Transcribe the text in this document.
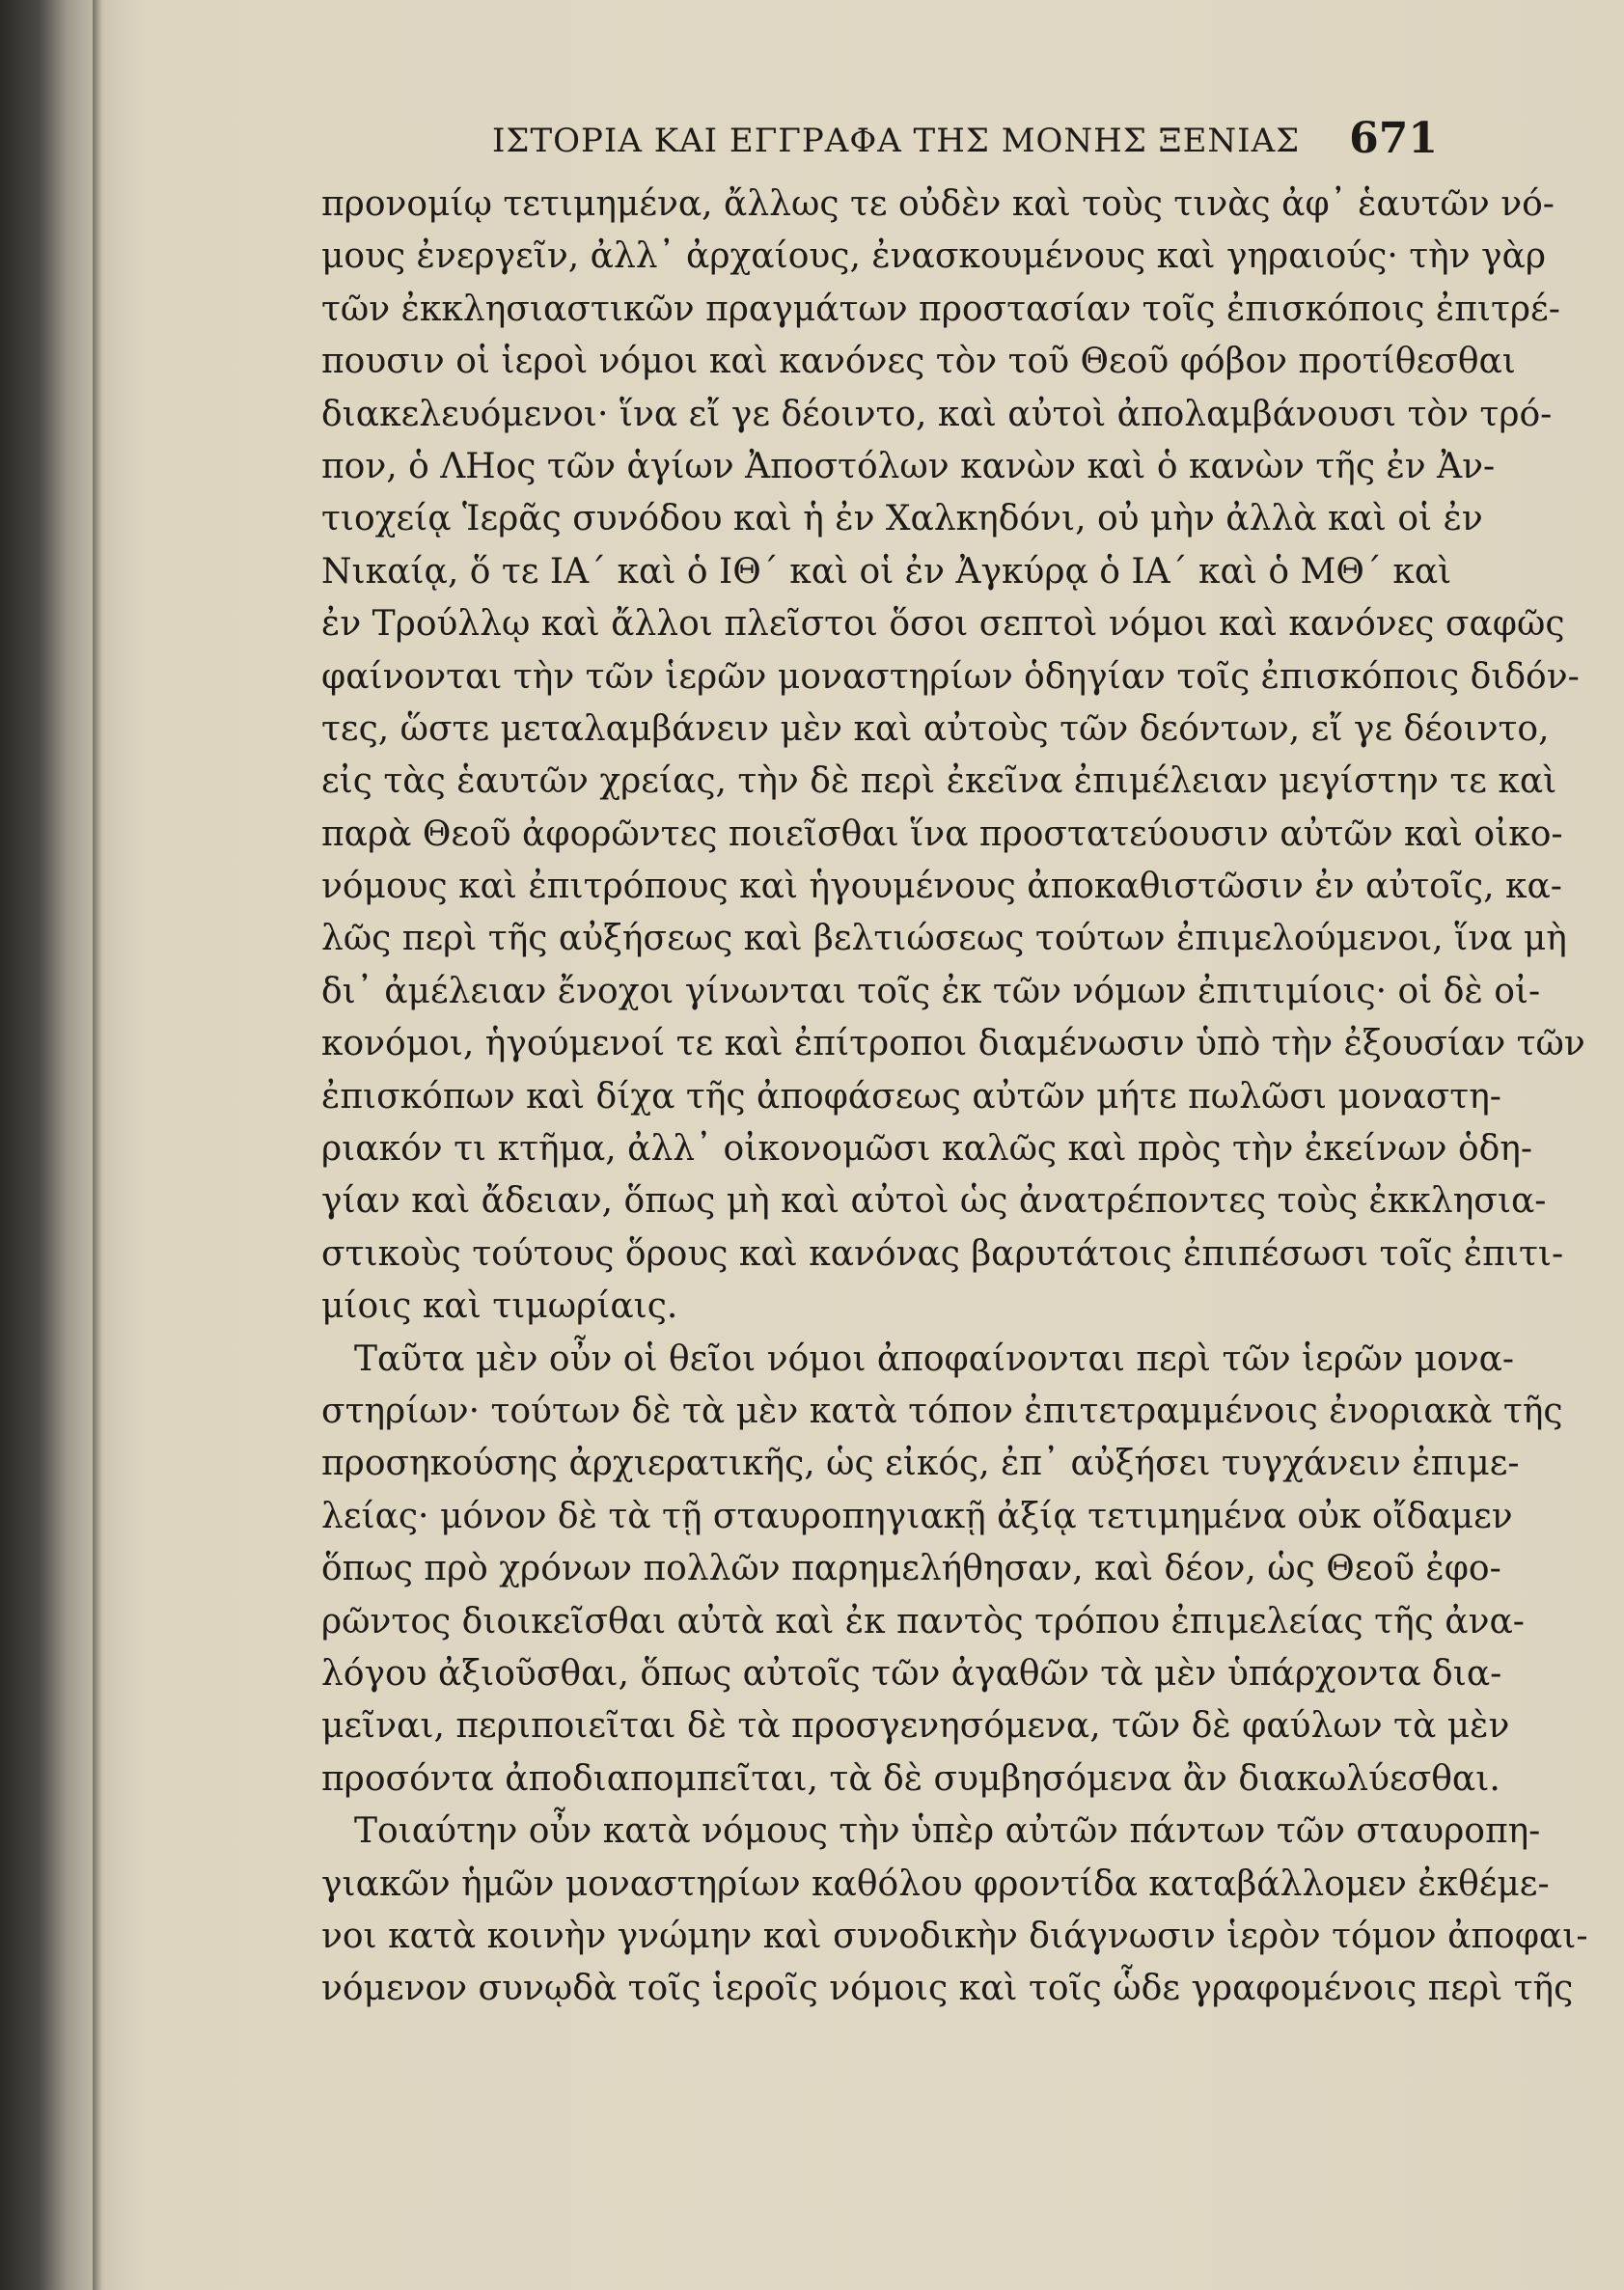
ΙΣΤΟΡΙΑ ΚΑΙ ΕΓΓΡΑΦΑ ΤΗΣ ΜΟΝΗΣ ΞΕΝΙΑΣ 671
προνομίῳ τετιμημένα, ἄλλως τε οὐδὲν καὶ τοὺς τινὰς ἀφ᾿ ἑαυτῶν νό-
μους ἐνεργεῖν, ἀλλ᾿ ἀρχαίους, ἐνασκουμένους καὶ γηραιούς· τὴν γὰρ
τῶν ἐκκλησιαστικῶν πραγμάτων προστασίαν τοῖς ἐπισκόποις ἐπιτρέ-
πουσιν οἱ ἱεροὶ νόμοι καὶ κανόνες τὸν τοῦ Θεοῦ φόβον προτίθεσθαι
διακελευόμενοι· ἵνα εἴ γε δέοιντο, καὶ αὐτοὶ ἀπολαμβάνουσι τὸν τρό-
πον, ὁ ΛΗος τῶν ἁγίων Ἀποστόλων κανὼν καὶ ὁ κανὼν τῆς ἐν Ἀν-
τιοχείᾳ Ἱερᾶς συνόδου καὶ ἡ ἐν Χαλκηδόνι, οὐ μὴν ἀλλὰ καὶ οἱ ἐν
Νικαίᾳ, ὅ τε ΙΑ΄ καὶ ὁ ΙΘ΄ καὶ οἱ ἐν Ἀγκύρᾳ ὁ ΙΑ΄ καὶ ὁ ΜΘ΄ καὶ
ἐν Τρούλλῳ καὶ ἄλλοι πλεῖστοι ὅσοι σεπτοὶ νόμοι καὶ κανόνες σαφῶς
φαίνονται τὴν τῶν ἱερῶν μοναστηρίων ὁδηγίαν τοῖς ἐπισκόποις διδόν-
τες, ὥστε μεταλαμβάνειν μὲν καὶ αὐτοὺς τῶν δεόντων, εἴ γε δέοιντο,
εἰς τὰς ἑαυτῶν χρείας, τὴν δὲ περὶ ἐκεῖνα ἐπιμέλειαν μεγίστην τε καὶ
παρὰ Θεοῦ ἀφορῶντες ποιεῖσθαι ἵνα προστατεύουσιν αὐτῶν καὶ οἰκο-
νόμους καὶ ἐπιτρόπους καὶ ἡγουμένους ἀποκαθιστῶσιν ἐν αὐτοῖς, κα-
λῶς περὶ τῆς αὐξήσεως καὶ βελτιώσεως τούτων ἐπιμελούμενοι, ἵνα μὴ
δι᾿ ἀμέλειαν ἔνοχοι γίνωνται τοῖς ἐκ τῶν νόμων ἐπιτιμίοις· οἱ δὲ οἰ-
κονόμοι, ἡγούμενοί τε καὶ ἐπίτροποι διαμένωσιν ὑπὸ τὴν ἐξουσίαν τῶν
ἐπισκόπων καὶ δίχα τῆς ἀποφάσεως αὐτῶν μήτε πωλῶσι μοναστη-
ριακόν τι κτῆμα, ἀλλ᾿ οἰκονομῶσι καλῶς καὶ πρὸς τὴν ἐκείνων ὁδη-
γίαν καὶ ἄδειαν, ὅπως μὴ καὶ αὐτοὶ ὡς ἀνατρέποντες τοὺς ἐκκλησια-
στικοὺς τούτους ὅρους καὶ κανόνας βαρυτάτοις ἐπιπέσωσι τοῖς ἐπιτι-
μίοις καὶ τιμωρίαις.
Ταῦτα μὲν οὖν οἱ θεῖοι νόμοι ἀποφαίνονται περὶ τῶν ἱερῶν μονα-
στηρίων· τούτων δὲ τὰ μὲν κατὰ τόπον ἐπιτετραμμένοις ἐνοριακὰ τῆς
προσηκούσης ἀρχιερατικῆς, ὡς εἰκός, ἐπ᾿ αὐξήσει τυγχάνειν ἐπιμε-
λείας· μόνον δὲ τὰ τῇ σταυροπηγιακῇ ἀξίᾳ τετιμημένα οὐκ οἴδαμεν
ὅπως πρὸ χρόνων πολλῶν παρημελήθησαν, καὶ δέον, ὡς Θεοῦ ἐφο-
ρῶντος διοικεῖσθαι αὐτὰ καὶ ἐκ παντὸς τρόπου ἐπιμελείας τῆς ἀνα-
λόγου ἀξιοῦσθαι, ὅπως αὐτοῖς τῶν ἀγαθῶν τὰ μὲν ὑπάρχοντα δια-
μεῖναι, περιποιεῖται δὲ τὰ προσγενησόμενα, τῶν δὲ φαύλων τὰ μὲν
προσόντα ἀποδιαπομπεῖται, τὰ δὲ συμβησόμενα ἂν διακωλύεσθαι.
Τοιαύτην οὖν κατὰ νόμους τὴν ὑπὲρ αὐτῶν πάντων τῶν σταυροπη-
γιακῶν ἡμῶν μοναστηρίων καθόλου φροντίδα καταβάλλομεν ἐκθέμε-
νοι κατὰ κοινὴν γνώμην καὶ συνοδικὴν διάγνωσιν ἱερὸν τόμον ἀποφαι-
νόμενον συνῳδὰ τοῖς ἱεροῖς νόμοις καὶ τοῖς ὧδε γραφομένοις περὶ τῆς
